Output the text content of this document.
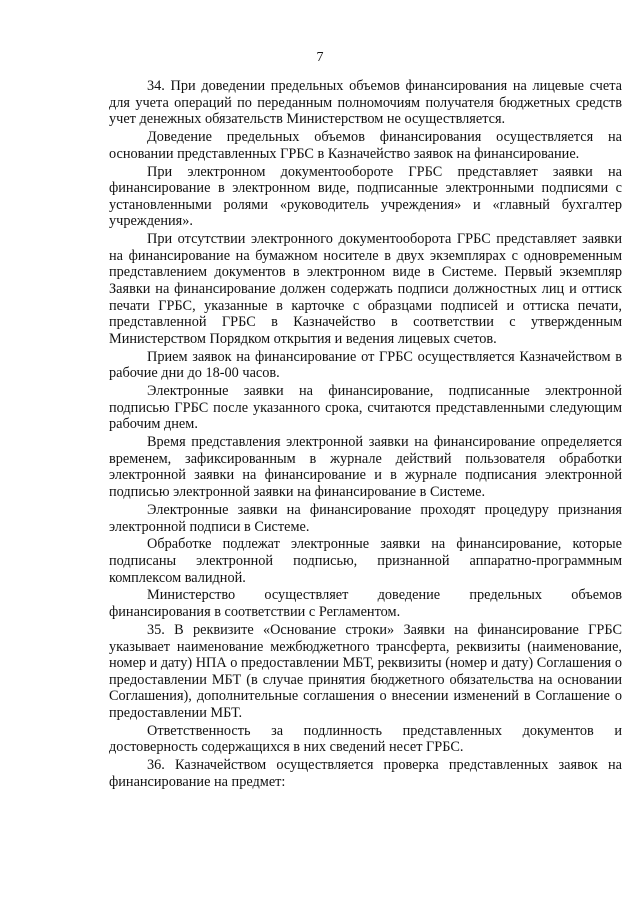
7

34. При доведении предельных объемов финансирования на лицевые счета для учета операций по переданным полномочиям получателя бюджетных средств учет денежных обязательств Министерством не осуществляется.

Доведение предельных объемов финансирования осуществляется на основании представленных ГРБС в Казначейство заявок на финансирование.

При электронном документообороте ГРБС представляет заявки на финансирование в электронном виде, подписанные электронными подписями с установленными ролями «руководитель учреждения» и «главный бухгалтер учреждения».

При отсутствии электронного документооборота ГРБС представляет заявки на финансирование на бумажном носителе в двух экземплярах с одновременным представлением документов в электронном виде в Системе. Первый экземпляр Заявки на финансирование должен содержать подписи должностных лиц и оттиск печати ГРБС, указанные в карточке с образцами подписей и оттиска печати, представленной ГРБС в Казначейство в соответствии с утвержденным Министерством Порядком открытия и ведения лицевых счетов.

Прием заявок на финансирование от ГРБС осуществляется Казначейством в рабочие дни до 18-00 часов.

Электронные заявки на финансирование, подписанные электронной подписью ГРБС после указанного срока, считаются представленными следующим рабочим днем.

Время представления электронной заявки на финансирование определяется временем, зафиксированным в журнале действий пользователя обработки электронной заявки на финансирование и в журнале подписания электронной подписью электронной заявки на финансирование в Системе.

Электронные заявки на финансирование проходят процедуру признания электронной подписи в Системе.

Обработке подлежат электронные заявки на финансирование, которые подписаны электронной подписью, признанной аппаратно-программным комплексом валидной.

Министерство осуществляет доведение предельных объемов финансирования в соответствии с Регламентом.

35. В реквизите «Основание строки» Заявки на финансирование ГРБС указывает наименование межбюджетного трансферта, реквизиты (наименование, номер и дату) НПА о предоставлении МБТ, реквизиты (номер и дату) Соглашения о предоставлении МБТ (в случае принятия бюджетного обязательства на основании Соглашения), дополнительные соглашения о внесении изменений в Соглашение о предоставлении МБТ.

Ответственность за подлинность представленных документов и достоверность содержащихся в них сведений несет ГРБС.

36. Казначейством осуществляется проверка представленных заявок на финансирование на предмет:
